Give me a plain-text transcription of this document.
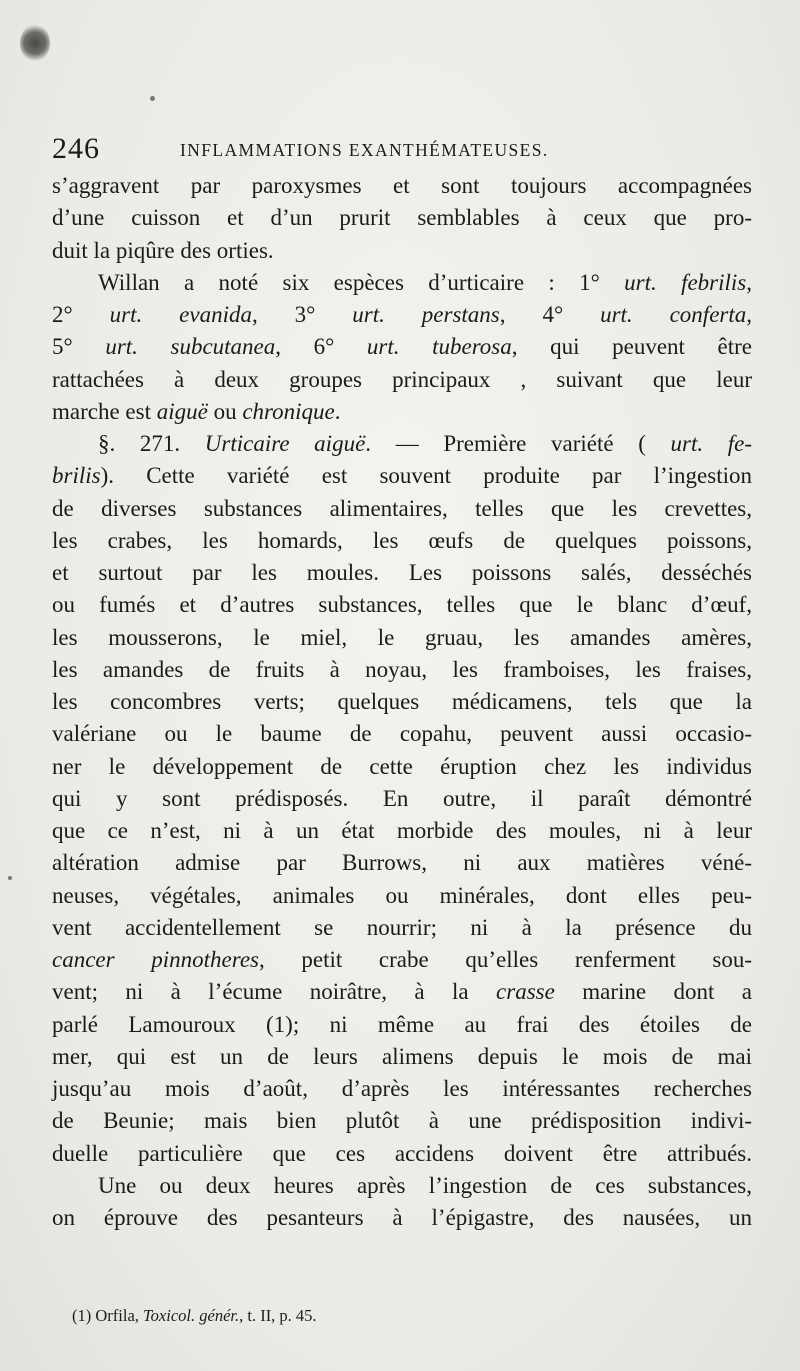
246	INFLAMMATIONS EXANTHÉMATEUSES.
s’aggravent par paroxysmes et sont toujours accompagnées
d’une cuisson et d’un prurit semblables à ceux que pro-
duit la piqûre des orties.
Willan a noté six espèces d’urticaire : 1° urt. febrilis,
2° urt. evanida, 3° urt. perstans, 4° urt. conferta,
5° urt. subcutanea, 6° urt. tuberosa, qui peuvent être
rattachées à deux groupes principaux , suivant que leur
marche est aiguë ou chronique.
§. 271. Urticaire aiguë. — Première variété ( urt. fe-
brilis). Cette variété est souvent produite par l’ingestion
de diverses substances alimentaires, telles que les crevettes,
les crabes, les homards, les œufs de quelques poissons,
et surtout par les moules. Les poissons salés, desséchés
ou fumés et d’autres substances, telles que le blanc d’œuf,
les mousserons, le miel, le gruau, les amandes amères,
les amandes de fruits à noyau, les framboises, les fraises,
les concombres verts; quelques médicamens, tels que la
valériane ou le baume de copahu, peuvent aussi occasio-
ner le développement de cette éruption chez les individus
qui y sont prédisposés. En outre, il paraît démontré
que ce n’est, ni à un état morbide des moules, ni à leur
altération admise par Burrows, ni aux matières véné-
neuses, végétales, animales ou minérales, dont elles peu-
vent accidentellement se nourrir; ni à la présence du
cancer pinnotheres, petit crabe qu’elles renferment sou-
vent; ni à l’écume noirâtre, à la crasse marine dont a
parlé Lamouroux (1); ni même au frai des étoiles de
mer, qui est un de leurs alimens depuis le mois de mai
jusqu’au mois d’août, d’après les intéressantes recherches
de Beunie; mais bien plutôt à une prédisposition indivi-
duelle particulière que ces accidens doivent être attribués.
Une ou deux heures après l’ingestion de ces substances,
on éprouve des pesanteurs à l’épigastre, des nausées, un
(1) Orfila, Toxicol. génér., t. II, p. 45.
